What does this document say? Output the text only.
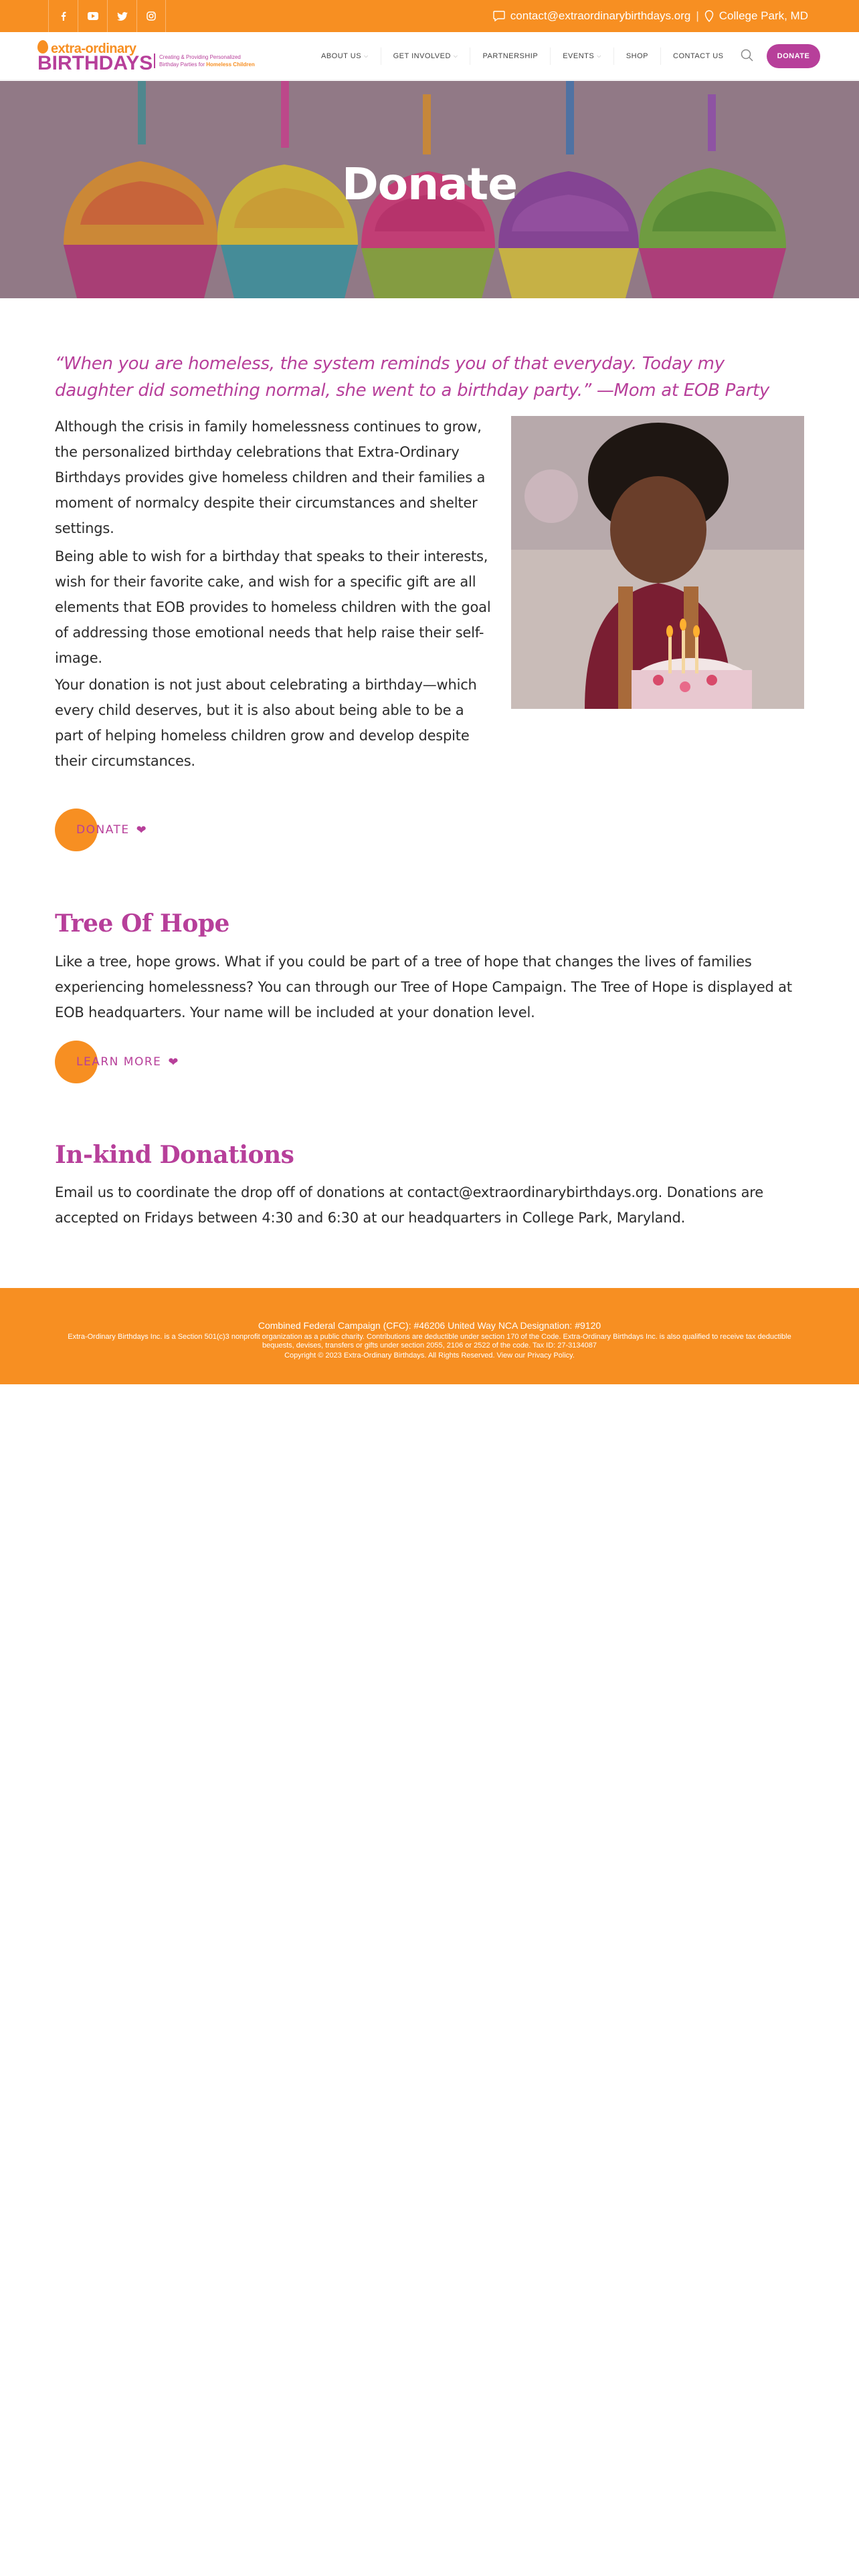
contact@extraordinarybirthdays.org | College Park, MD
extra-ordinary
BIRTHDAYS Creating & Providing Personalized
Birthday Parties for Homeless Children
ABOUT US ⌵	GET INVOLVED ⌵	PARTNERSHIP	EVENTS ⌵	SHOP	CONTACT US	DONATE
Donate
“When you are homeless, the system reminds you of that everyday. Today my daughter did something normal, she went to a birthday party.” —Mom at EOB Party
Although the crisis in family homelessness continues to grow, the personalized birthday celebrations that Extra-Ordinary Birthdays provides give homeless children and their families a moment of normalcy despite their circumstances and shelter settings.
Being able to wish for a birthday that speaks to their interests, wish for their favorite cake, and wish for a specific gift are all elements that EOB provides to homeless children with the goal of addressing those emotional needs that help raise their self-image.
Your donation is not just about celebrating a birthday—which every child deserves, but it is also about being able to be a part of helping homeless children grow and develop despite their circumstances.
DONATE ❤
Tree Of Hope
Like a tree, hope grows. What if you could be part of a tree of hope that changes the lives of families experiencing homelessness? You can through our Tree of Hope Campaign. The Tree of Hope is displayed at EOB headquarters. Your name will be included at your donation level.
LEARN MORE ❤
In-kind Donations
Email us to coordinate the drop off of donations at contact@extraordinarybirthdays.org. Donations are accepted on Fridays between 4:30 and 6:30 at our headquarters in College Park, Maryland.
Combined Federal Campaign (CFC): #46206 United Way NCA Designation: #9120
Extra-Ordinary Birthdays Inc. is a Section 501(c)3 nonprofit organization as a public charity. Contributions are deductible under section 170 of the Code. Extra-Ordinary Birthdays Inc. is also qualified to receive tax deductible bequests, devises, transfers or gifts under section 2055, 2106 or 2522 of the code. Tax ID: 27-3134087
Copyright © 2023 Extra-Ordinary Birthdays. All Rights Reserved. View our Privacy Policy.
